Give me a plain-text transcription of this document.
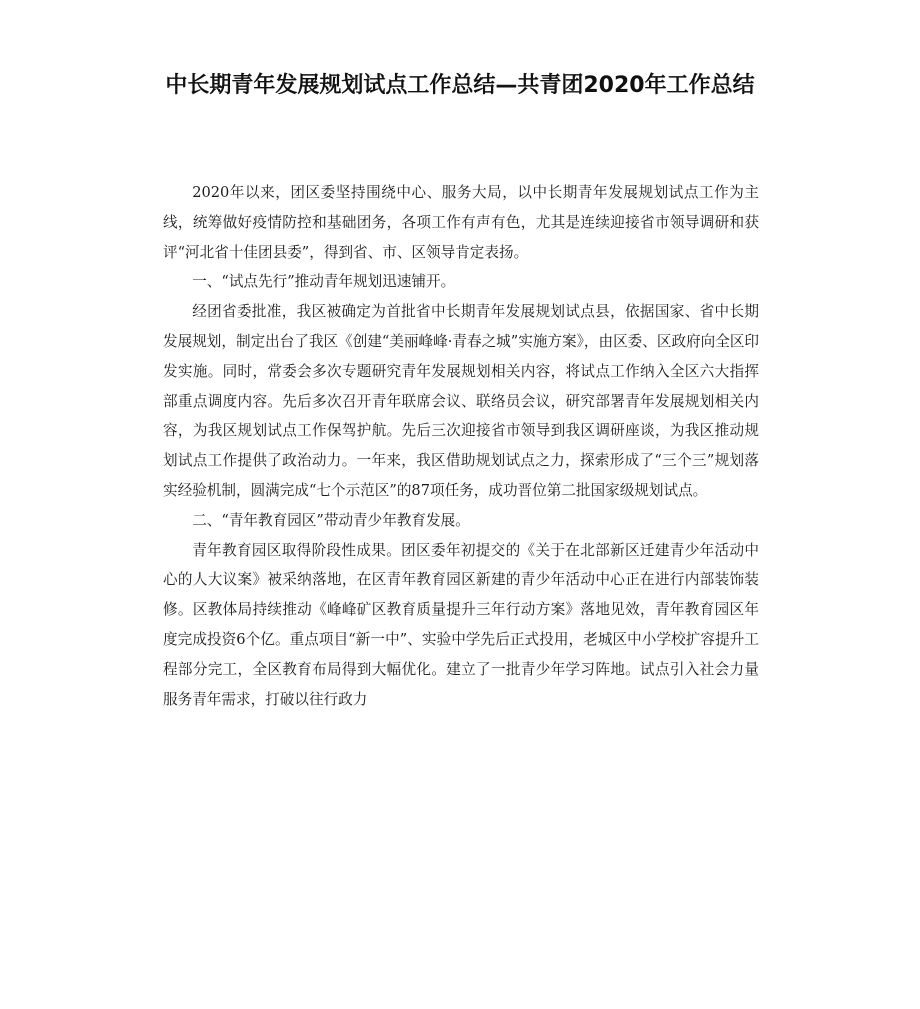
中长期青年发展规划试点工作总结—共青团2020年工作总结

2020年以来，团区委坚持围绕中心、服务大局，以中长期青年发展规划试点工作为主线，统筹做好疫情防控和基础团务，各项工作有声有色，尤其是连续迎接省市领导调研和获评“河北省十佳团县委”，得到省、市、区领导肯定表扬。

一、“试点先行”推动青年规划迅速铺开。

经团省委批准，我区被确定为首批省中长期青年发展规划试点县，依据国家、省中长期发展规划，制定出台了我区《创建“美丽峰峰·青春之城”实施方案》，由区委、区政府向全区印发实施。同时，常委会多次专题研究青年发展规划相关内容，将试点工作纳入全区六大指挥部重点调度内容。先后多次召开青年联席会议、联络员会议，研究部署青年发展规划相关内容，为我区规划试点工作保驾护航。先后三次迎接省市领导到我区调研座谈，为我区推动规划试点工作提供了政治动力。一年来，我区借助规划试点之力，探索形成了“三个三”规划落实经验机制，圆满完成“七个示范区”的87项任务，成功晋位第二批国家级规划试点。

二、“青年教育园区”带动青少年教育发展。

青年教育园区取得阶段性成果。团区委年初提交的《关于在北部新区迁建青少年活动中心的人大议案》被采纳落地，在区青年教育园区新建的青少年活动中心正在进行内部装饰装修。区教体局持续推动《峰峰矿区教育质量提升三年行动方案》落地见效，青年教育园区年度完成投资6个亿。重点项目“新一中”、实验中学先后正式投用，老城区中小学校扩容提升工程部分完工，全区教育布局得到大幅优化。建立了一批青少年学习阵地。试点引入社会力量服务青年需求，打破以往行政力
